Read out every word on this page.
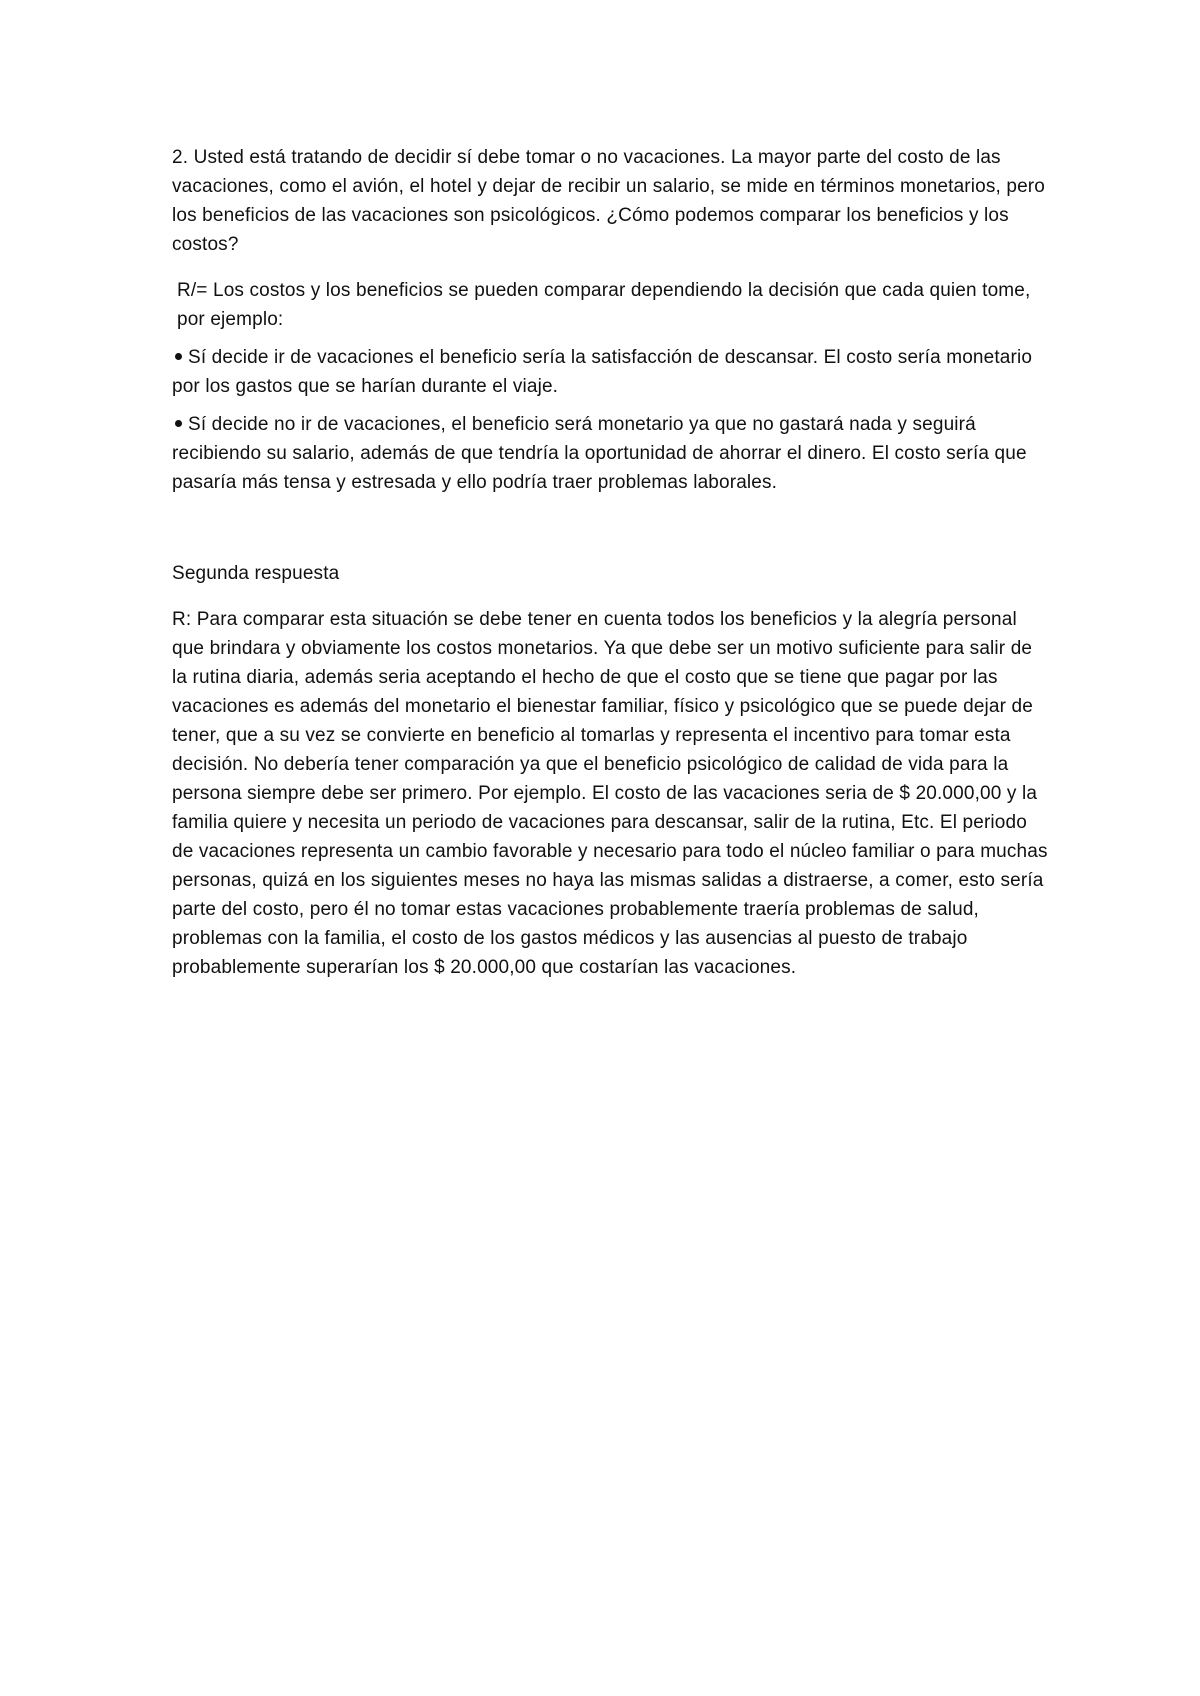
2. Usted está tratando de decidir sí debe tomar o no vacaciones. La mayor parte del costo de las vacaciones, como el avión, el hotel y dejar de recibir un salario, se mide en términos monetarios, pero los beneficios de las vacaciones son psicológicos. ¿Cómo podemos comparar los beneficios y los costos?

R/= Los costos y los beneficios se pueden comparar dependiendo la decisión que cada quien tome, por ejemplo:

Sí decide ir de vacaciones el beneficio sería la satisfacción de descansar. El costo sería monetario por los gastos que se harían durante el viaje.

Sí decide no ir de vacaciones, el beneficio será monetario ya que no gastará nada y seguirá recibiendo su salario, además de que tendría la oportunidad de ahorrar el dinero. El costo sería que pasaría más tensa y estresada y ello podría traer problemas laborales.

Segunda respuesta

R: Para comparar esta situación se debe tener en cuenta todos los beneficios y la alegría personal que brindara y obviamente los costos monetarios. Ya que debe ser un motivo suficiente para salir de la rutina diaria, además seria aceptando el hecho de que el costo que se tiene que pagar por las vacaciones es además del monetario el bienestar familiar, físico y psicológico que se puede dejar de tener, que a su vez se convierte en beneficio al tomarlas y representa el incentivo para tomar esta decisión. No debería tener comparación ya que el beneficio psicológico de calidad de vida para la persona siempre debe ser primero. Por ejemplo. El costo de las vacaciones seria de $ 20.000,00 y la familia quiere y necesita un periodo de vacaciones para descansar, salir de la rutina, Etc. El periodo de vacaciones representa un cambio favorable y necesario para todo el núcleo familiar o para muchas personas, quizá en los siguientes meses no haya las mismas salidas a distraerse, a comer, esto sería parte del costo, pero él no tomar estas vacaciones probablemente traería problemas de salud, problemas con la familia, el costo de los gastos médicos y las ausencias al puesto de trabajo probablemente superarían los $ 20.000,00 que costarían las vacaciones.
